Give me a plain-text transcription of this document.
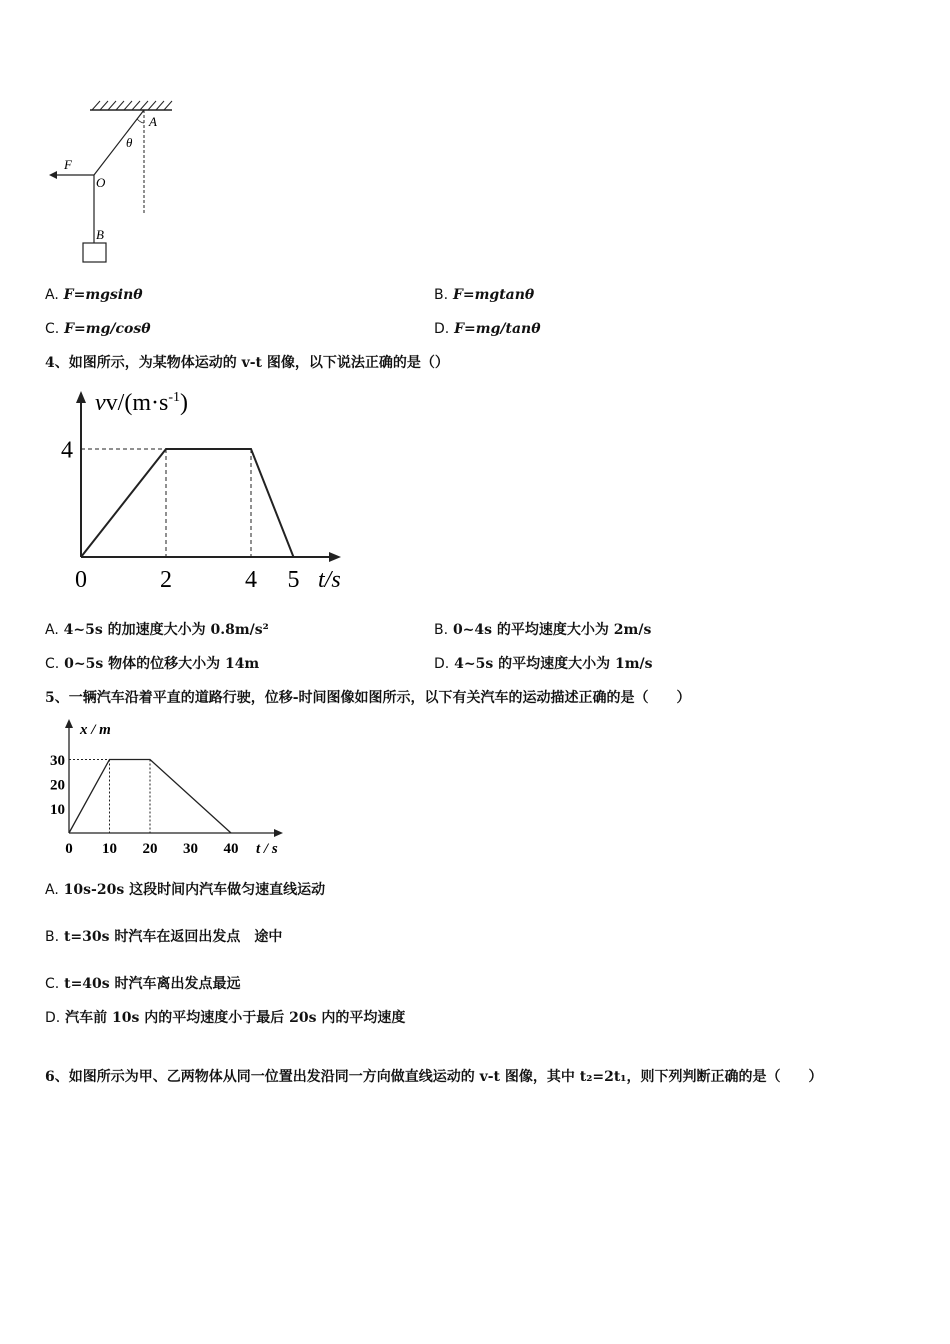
A
θ
F
O
B
A. F=mgsinθ	B. F=mgtanθ
C. F=mg/cosθ	D. F=mg/tanθ
4、如图所示，为某物体运动的 v-t 图像，以下说法正确的是（）
$vv/(m\cdot s^{-1})$
0	2	4 5
4
t/s
A. 4~5s 的加速度大小为 0.8m/s²	B. 0~4s 的平均速度大小为 2m/s
C. 0~5s 物体的位移大小为 14m	D. 4~5s 的平均速度大小为 1m/s
5、一辆汽车沿着平直的道路行驶，位移-时间图像如图所示，以下有关汽车的运动描述正确的是（　　）
x / m
0 10 20 30 40
10
20
30
t / s
A. 10s-20s 这段时间内汽车做匀速直线运动
B. t=30s 时汽车在返回出发点　途中
C. t=40s 时汽车离出发点最远
D. 汽车前 10s 内的平均速度小于最后 20s 内的平均速度
6、如图所示为甲、乙两物体从同一位置出发沿同一方向做直线运动的 v-t 图像，其中 t₂=2t₁，则下列判断正确的是（　　）
